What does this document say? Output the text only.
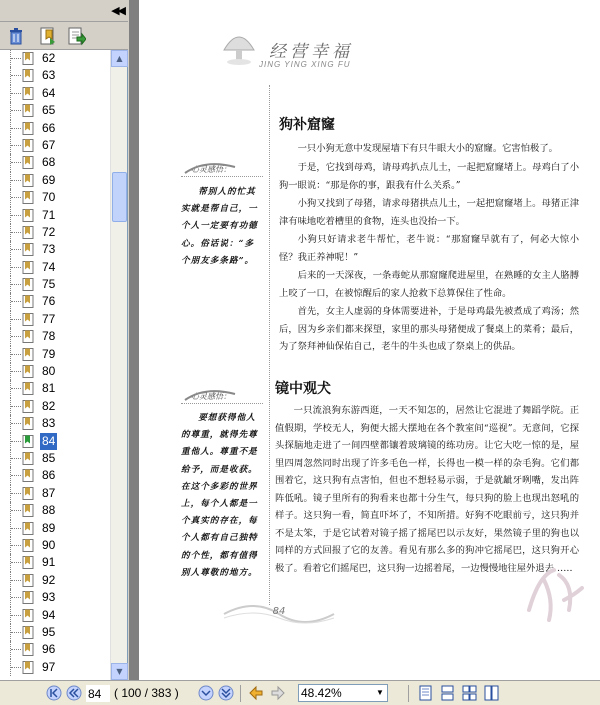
◀◀
62
63
64
65
66
67
68
69
70
71
72
73
74
75
76
77
78
79
80
81
82
83
84
85
86
87
88
89
90
91
92
93
94
95
96
97
▲
▼
经营幸福
JING YING XING FU
狗补窟窿
一只小狗无意中发现屋墙下有只牛眼大小的窟窿。它害怕极了。
于是，它找到母鸡，请母鸡扒点儿土，一起把窟窿堵上。母鸡白了小狗一眼说：“那是你的事，跟我有什么关系。”
小狗又找到了母猪，请求母猪拱点儿土，一起把窟窿堵上。母猪正津津有味地吃着槽里的食物，连头也没抬一下。
小狗只好请求老牛帮忙，老牛说：“那窟窿早就有了，何必大惊小怪？我正养神呢！”
后来的一天深夜，一条毒蛇从那窟窿爬进屋里，在熟睡的女主人胳膊上咬了一口，在被惊醒后的家人抢救下总算保住了性命。
首先，女主人虚弱的身体需要进补，于是母鸡最先被煮成了鸡汤；然后，因为乡亲们都来探望，家里的那头母猪便成了餐桌上的菜肴；最后，为了祭拜神仙保佑自己，老牛的牛头也成了祭桌上的供品。
心灵感悟：
帮别人的忙其实就是帮自己，一个人一定要有功德心。俗话说：“多个朋友多条路”。
镜中观犬
一只流浪狗东游西逛，一天不知怎的，居然让它混进了舞蹈学院。正值假期，学校无人，狗便大摇大摆地在各个教室间“巡视”。无意间，它探头探脑地走进了一间四壁都镶着玻璃镜的练功房。让它大吃一惊的是，屋里四周忽然同时出现了许多毛色一样，长得也一模一样的杂毛狗。它们都围着它，这只狗有点害怕，但也不想轻易示弱，于是就龇牙咧嘴，发出阵阵低吼。镜子里所有的狗看来也都十分生气，每只狗的脸上也现出怒吼的样子。这只狗一看，简直吓坏了，不知所措。好狗不吃眼前亏，这只狗并不是太笨，于是它试着对镜子摇了摇尾巴以示友好，果然镜子里的狗也以同样的方式回报了它的友善。看见有那么多的狗冲它摇尾巴，这只狗开心极了。看着它们摇尾巴，这只狗一边摇着尾，一边慢慢地往屋外退去……
心灵感悟：
要想获得他人的尊重，就得先尊重他人。尊重不是给予，而是收获。在这个多彩的世界上，每个人都是一个真实的存在，每个人都有自己独特的个性，都有值得别人尊敬的地方。
84
84
( 100 / 383 )	48.42%	▼
